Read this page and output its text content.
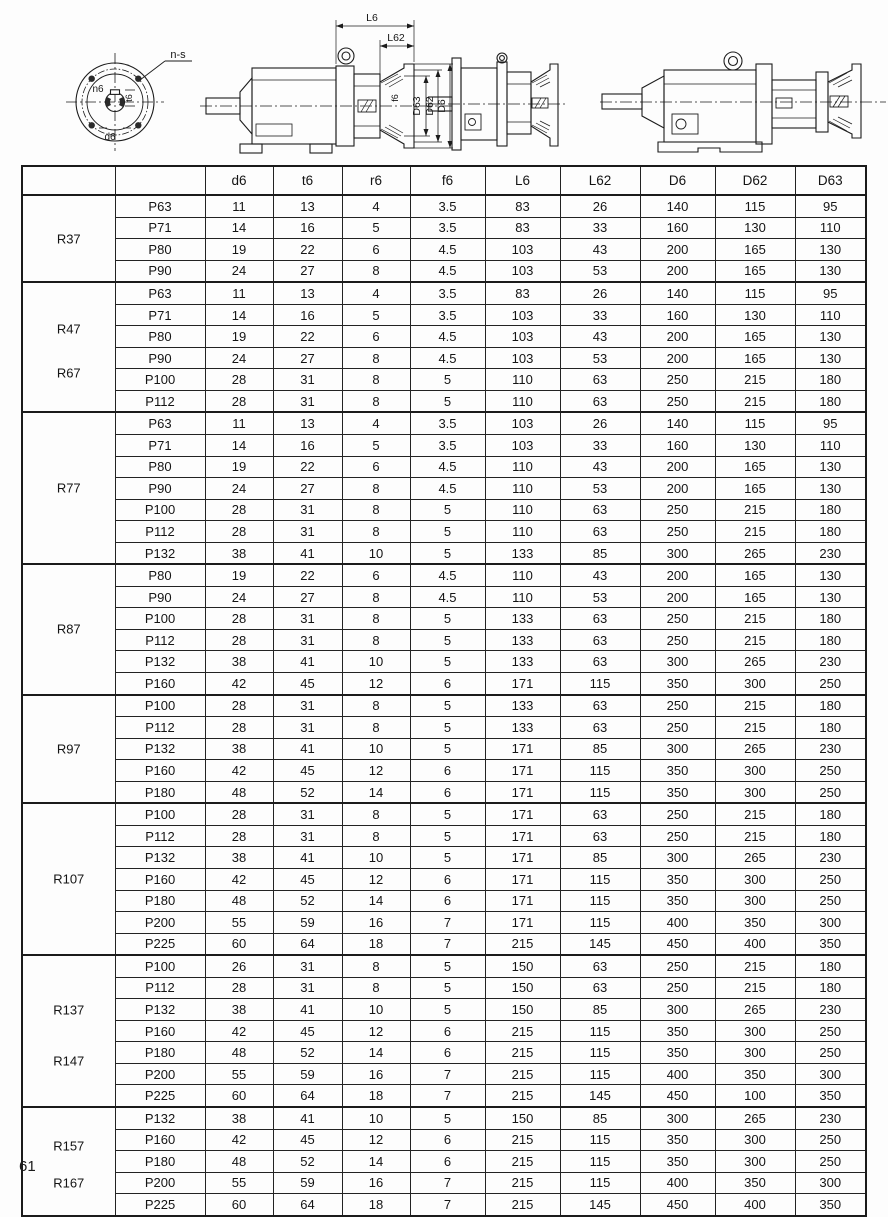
n-s
n6
t6
d6
L6
L62
f6 D63 D62 D6
		d6	t6	r6	f6	L6	L62	D6	D62	D63

R37	P63	11	13	4	3.5	83	26	140	115	95
	P71	14	16	5	3.5	83	33	160	130	110
	P80	19	22	6	4.5	103	43	200	165	130
	P90	24	27	8	4.5	103	53	200	165	130

R47
R67	P63	11	13	4	3.5	83	26	140	115	95
	P71	14	16	5	3.5	103	33	160	130	110
	P80	19	22	6	4.5	103	43	200	165	130
	P90	24	27	8	4.5	103	53	200	165	130
	P100	28	31	8	5	110	63	250	215	180
	P112	28	31	8	5	110	63	250	215	180

R77	P63	11	13	4	3.5	103	26	140	115	95
	P71	14	16	5	3.5	103	33	160	130	110
	P80	19	22	6	4.5	110	43	200	165	130
	P90	24	27	8	4.5	110	53	200	165	130
	P100	28	31	8	5	110	63	250	215	180
	P112	28	31	8	5	110	63	250	215	180
	P132	38	41	10	5	133	85	300	265	230

R87	P80	19	22	6	4.5	110	43	200	165	130
	P90	24	27	8	4.5	110	53	200	165	130
	P100	28	31	8	5	133	63	250	215	180
	P112	28	31	8	5	133	63	250	215	180
	P132	38	41	10	5	133	63	300	265	230
	P160	42	45	12	6	171	115	350	300	250

R97	P100	28	31	8	5	133	63	250	215	180
	P112	28	31	8	5	133	63	250	215	180
	P132	38	41	10	5	171	85	300	265	230
	P160	42	45	12	6	171	115	350	300	250
	P180	48	52	14	6	171	115	350	300	250

R107	P100	28	31	8	5	171	63	250	215	180
	P112	28	31	8	5	171	63	250	215	180
	P132	38	41	10	5	171	85	300	265	230
	P160	42	45	12	6	171	115	350	300	250
	P180	48	52	14	6	171	115	350	300	250
	P200	55	59	16	7	171	115	400	350	300
	P225	60	64	18	7	215	145	450	400	350

R137
R147	P100	26	31	8	5	150	63	250	215	180
	P112	28	31	8	5	150	63	250	215	180
	P132	38	41	10	5	150	85	300	265	230
	P160	42	45	12	6	215	115	350	300	250
	P180	48	52	14	6	215	115	350	300	250
	P200	55	59	16	7	215	115	400	350	300
	P225	60	64	18	7	215	145	450	100	350

R157
R167	P132	38	41	10	5	150	85	300	265	230
	P160	42	45	12	6	215	115	350	300	250
	P180	48	52	14	6	215	115	350	300	250
	P200	55	59	16	7	215	115	400	350	300
	P225	60	64	18	7	215	145	450	400	350
61
